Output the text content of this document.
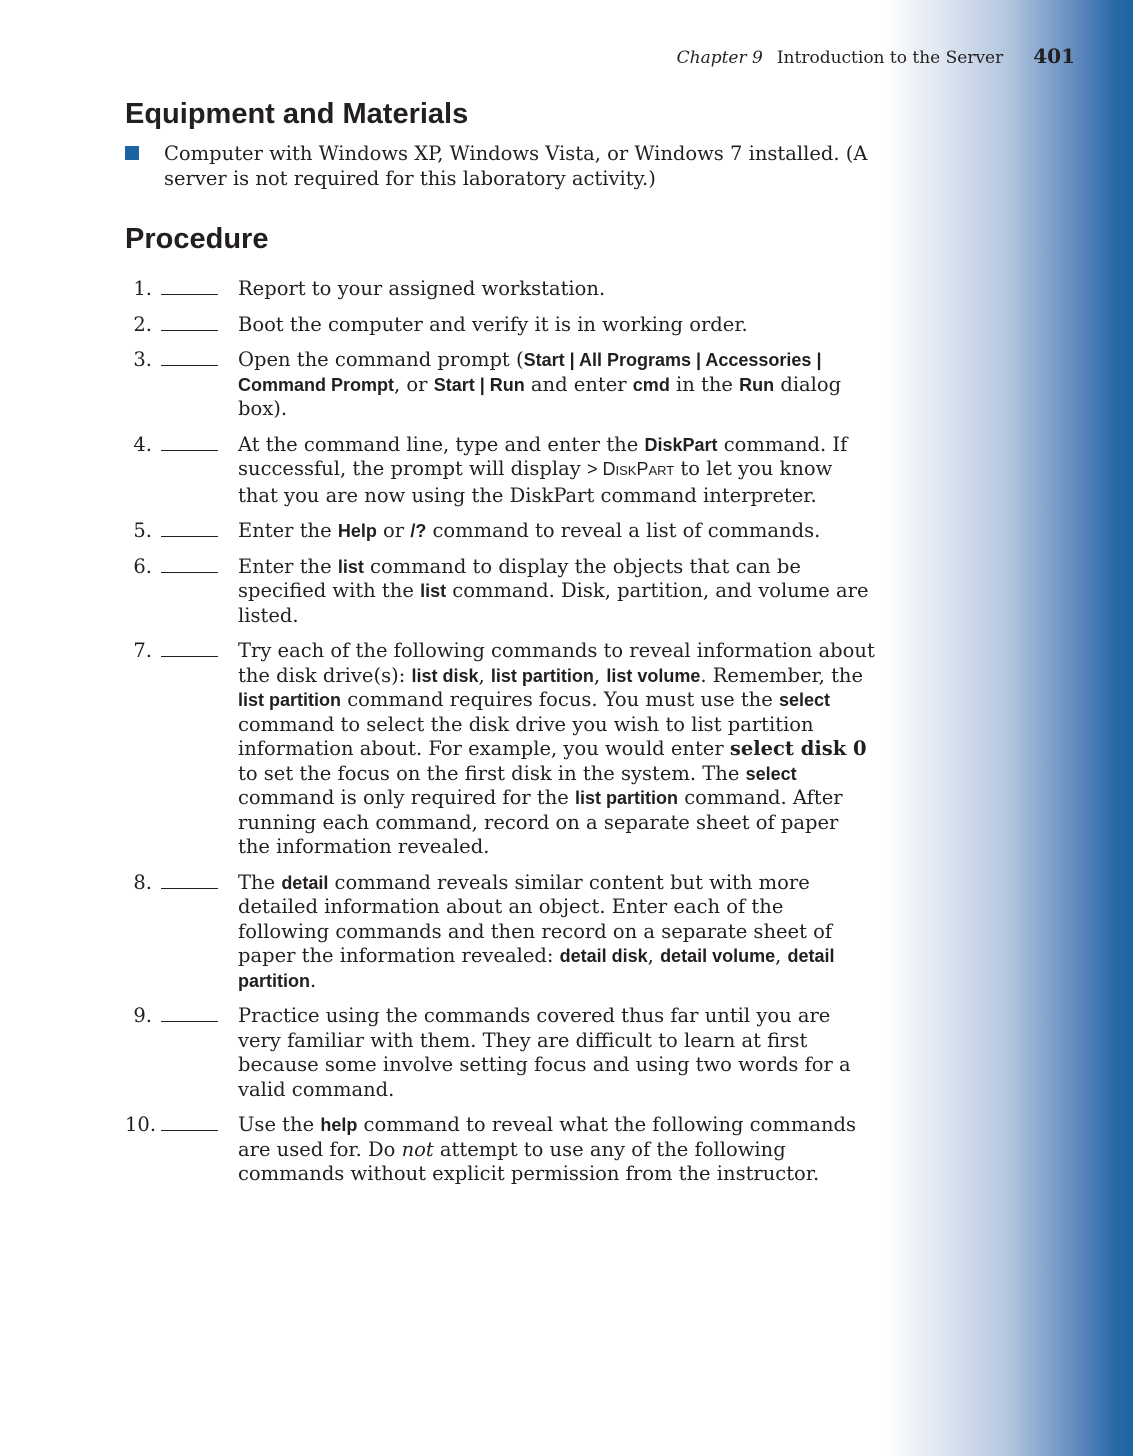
Chapter 9 Introduction to the Server 401
Equipment and Materials
Computer with Windows XP, Windows Vista, or Windows 7 installed. (A server is not required for this laboratory activity.)
Procedure
1.	Report to your assigned workstation.
2.	Boot the computer and verify it is in working order.
3.	Open the command prompt (Start | All Programs | Accessories | Command Prompt, or Start | Run and enter cmd in the Run dialog box).
4.	At the command line, type and enter the DiskPart command. If successful, the prompt will display > DISKPART to let you know that you are now using the DiskPart command interpreter.
5.	Enter the Help or /? command to reveal a list of commands.
6.	Enter the list command to display the objects that can be specified with the list command. Disk, partition, and volume are listed.
7.	Try each of the following commands to reveal information about the disk drive(s): list disk, list partition, list volume. Remember, the list partition command requires focus. You must use the select command to select the disk drive you wish to list partition information about. For example, you would enter select disk 0 to set the focus on the first disk in the system. The select command is only required for the list partition command. After running each command, record on a separate sheet of paper the information revealed.
8.	The detail command reveals similar content but with more detailed information about an object. Enter each of the following commands and then record on a separate sheet of paper the information revealed: detail disk, detail volume, detail partition.
9.	Practice using the commands covered thus far until you are very familiar with them. They are difficult to learn at first because some involve setting focus and using two words for a valid command.
10.	Use the help command to reveal what the following commands are used for. Do not attempt to use any of the following commands without explicit permission from the instructor.
